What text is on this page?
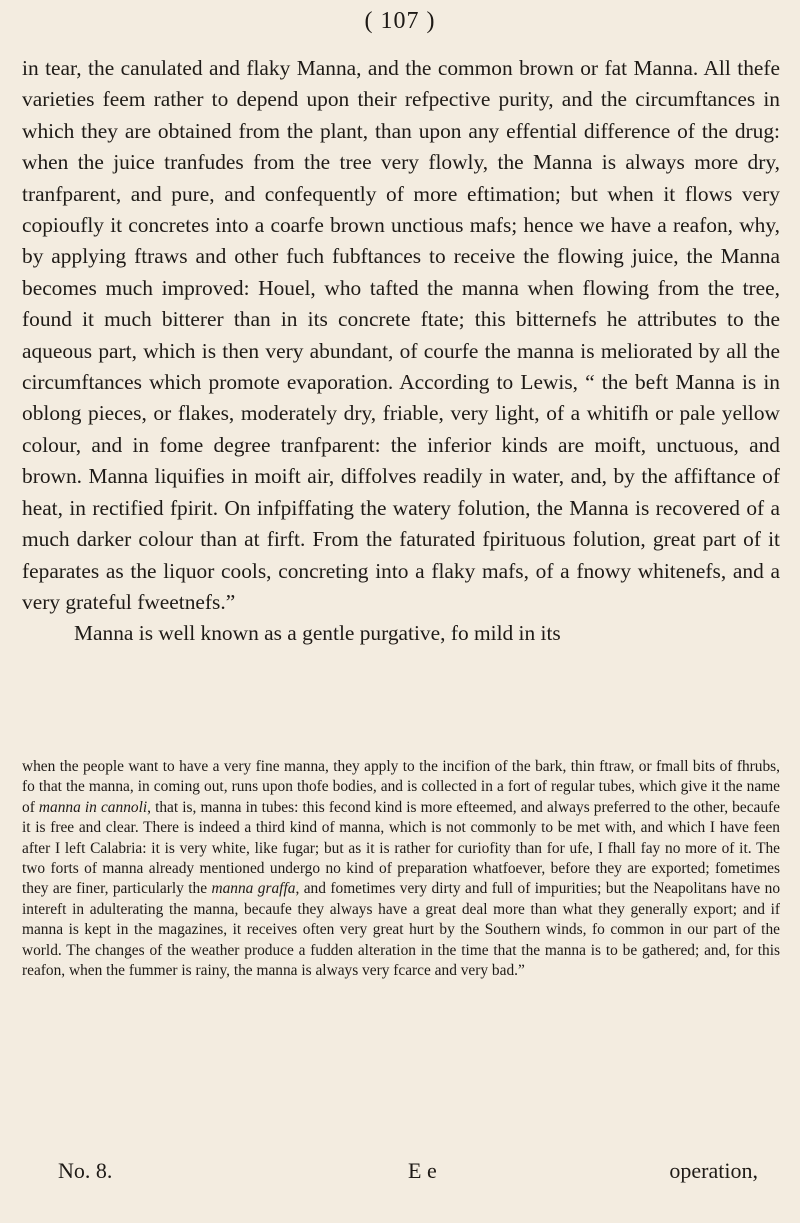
( 107 )

in tear, the canulated and flaky Manna, and the common brown or fat Manna. All thefe varieties feem rather to depend upon their refpective purity, and the circumftances in which they are obtained from the plant, than upon any effential difference of the drug: when the juice tranfudes from the tree very flowly, the Manna is always more dry, tranfparent, and pure, and confequently of more eftimation; but when it flows very copioufly it concretes into a coarfe brown unctious mafs; hence we have a reafon, why, by applying ftraws and other fuch fubftances to receive the flowing juice, the Manna becomes much improved: Houel, who tafted the manna when flowing from the tree, found it much bitterer than in its concrete ftate; this bitternefs he attributes to the aqueous part, which is then very abundant, of courfe the manna is meliorated by all the circumftances which promote evaporation. According to Lewis, “ the beft Manna is in oblong pieces, or flakes, moderately dry, friable, very light, of a whitifh or pale yellow colour, and in fome degree tranfparent: the inferior kinds are moift, unctuous, and brown. Manna liquifies in moift air, diffolves readily in water, and, by the affiftance of heat, in rectified fpirit. On infpiffating the watery folution, the Manna is recovered of a much darker colour than at firft. From the faturated fpirituous folution, great part of it feparates as the liquor cools, concreting into a flaky mafs, of a fnowy whitenefs, and a very grateful fweetnefs.”

Manna is well known as a gentle purgative, fo mild in its

when the people want to have a very fine manna, they apply to the incifion of the bark, thin ftraw, or fmall bits of fhrubs, fo that the manna, in coming out, runs upon thofe bodies, and is collected in a fort of regular tubes, which give it the name of manna in cannoli, that is, manna in tubes: this fecond kind is more efteemed, and always preferred to the other, becaufe it is free and clear. There is indeed a third kind of manna, which is not commonly to be met with, and which I have feen after I left Calabria: it is very white, like fugar; but as it is rather for curiofity than for ufe, I fhall fay no more of it. The two forts of manna already mentioned undergo no kind of preparation whatfoever, before they are exported; fometimes they are finer, particularly the manna graffa, and fometimes very dirty and full of impurities; but the Neapolitans have no intereft in adulterating the manna, becaufe they always have a great deal more than what they generally export; and if manna is kept in the magazines, it receives often very great hurt by the Southern winds, fo common in our part of the world. The changes of the weather produce a fudden alteration in the time that the manna is to be gathered; and, for this reafon, when the fummer is rainy, the manna is always very fcarce and very bad.”
No. 8.	E e	operation,
